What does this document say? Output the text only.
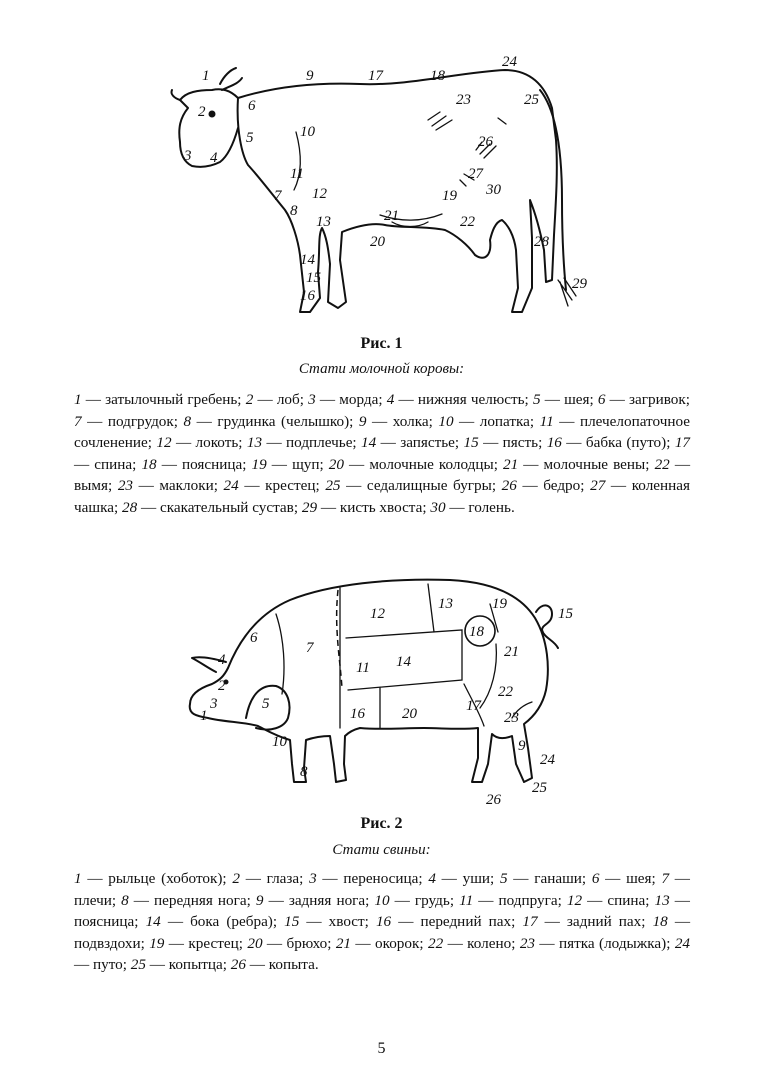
1
2
3 4
5
6
7
8
9
10
11
12
13
14
15
16
17	18
19
20
21	22
23
24
25
26
27
28
29
30
Рис. 1
Стати молочной коровы:

1 — затылочный гребень; 2 — лоб; 3 — морда; 4 — нижняя челюсть; 5 — шея; 6 — загривок; 7 — подгрудок; 8 — грудинка (челышко); 9 — холка; 10 — лопатка; 11 — плечелопаточное сочленение; 12 — локоть; 13 — подплечье; 14 — запястье; 15 — пясть; 16 — бабка (путо); 17 — спина; 18 — поясница; 19 — щуп; 20 — молочные колодцы; 21 — молочные вены; 22 — вымя; 23 — маклоки; 24 — крестец; 25 — седалищные бугры; 26 — бедро; 27 — коленная чашка; 28 — скакательный сустав; 29 — кисть хвоста; 30 — голень.

1
2
3
4
5
6
7
8
9
10
11
12
13
14
15
16	17
18
19
20
21
22
23
24
25
26
Рис. 2
Стати свиньи:

1 — рыльце (хоботок); 2 — глаза; 3 — переносица; 4 — уши; 5 — ганаши; 6 — шея; 7 — плечи; 8 — передняя нога; 9 — задняя нога; 10 — грудь; 11 — подпруга; 12 — спина; 13 — поясница; 14 — бока (ребра); 15 — хвост; 16 — передний пах; 17 — задний пах; 18 — подвздохи; 19 — крестец; 20 — брюхо; 21 — окорок; 22 — колено; 23 — пятка (лодыжка); 24 — путо; 25 — копытца; 26 — копыта.

5
